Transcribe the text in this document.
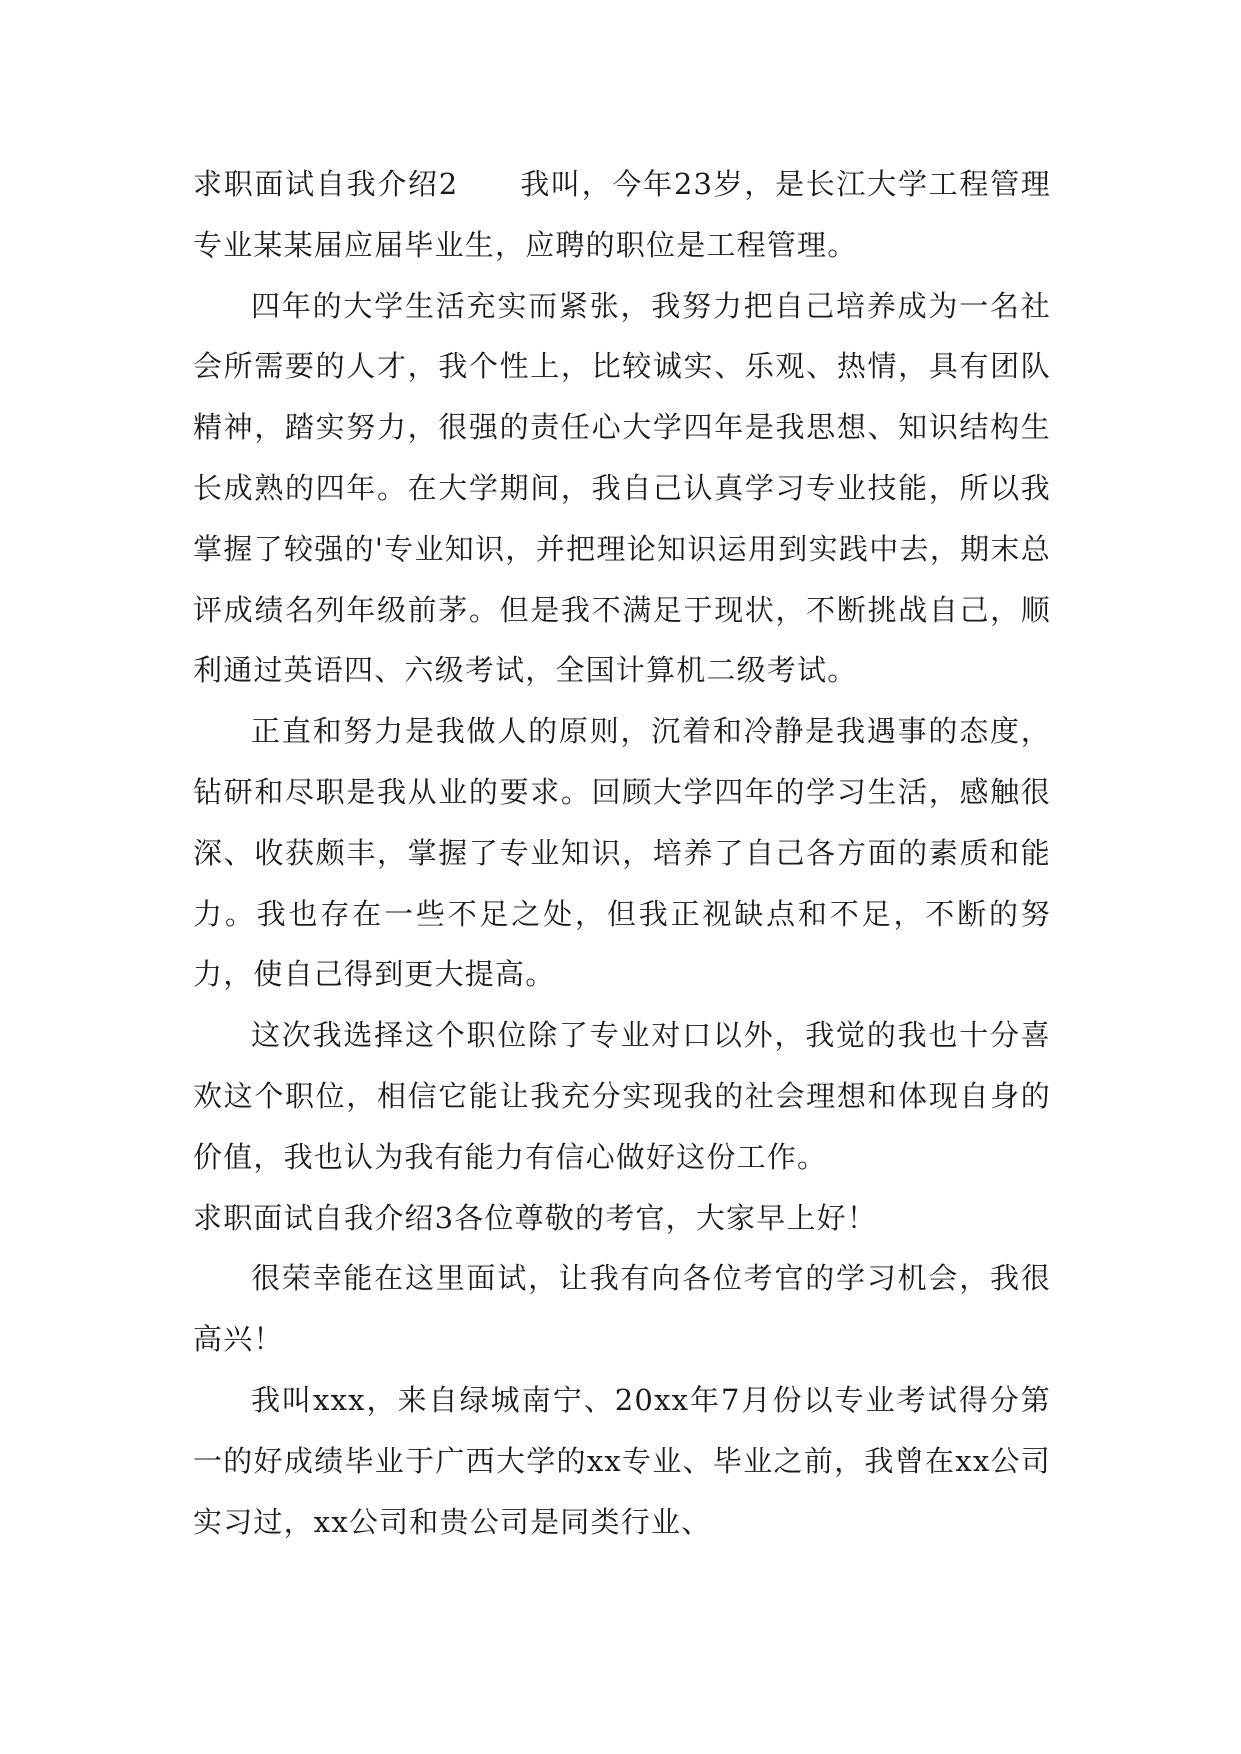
求职面试自我介绍2　　我叫，今年23岁，是长江大学工程管理专业某某届应届毕业生，应聘的职位是工程管理。

四年的大学生活充实而紧张，我努力把自己培养成为一名社会所需要的人才，我个性上，比较诚实、乐观、热情，具有团队精神，踏实努力，很强的责任心大学四年是我思想、知识结构生长成熟的四年。在大学期间，我自己认真学习专业技能，所以我掌握了较强的'专业知识，并把理论知识运用到实践中去，期末总评成绩名列年级前茅。但是我不满足于现状，不断挑战自己，顺利通过英语四、六级考试，全国计算机二级考试。

正直和努力是我做人的原则，沉着和冷静是我遇事的态度，钻研和尽职是我从业的要求。回顾大学四年的学习生活，感触很深、收获颇丰，掌握了专业知识，培养了自己各方面的素质和能力。我也存在一些不足之处，但我正视缺点和不足，不断的努力，使自己得到更大提高。

这次我选择这个职位除了专业对口以外，我觉的我也十分喜欢这个职位，相信它能让我充分实现我的社会理想和体现自身的价值，我也认为我有能力有信心做好这份工作。

求职面试自我介绍3各位尊敬的考官，大家早上好！

很荣幸能在这里面试，让我有向各位考官的学习机会，我很高兴！

我叫xxx，来自绿城南宁、20xx年7月份以专业考试得分第一的好成绩毕业于广西大学的xx专业、毕业之前，我曾在xx公司实习过，xx公司和贵公司是同类行业、
